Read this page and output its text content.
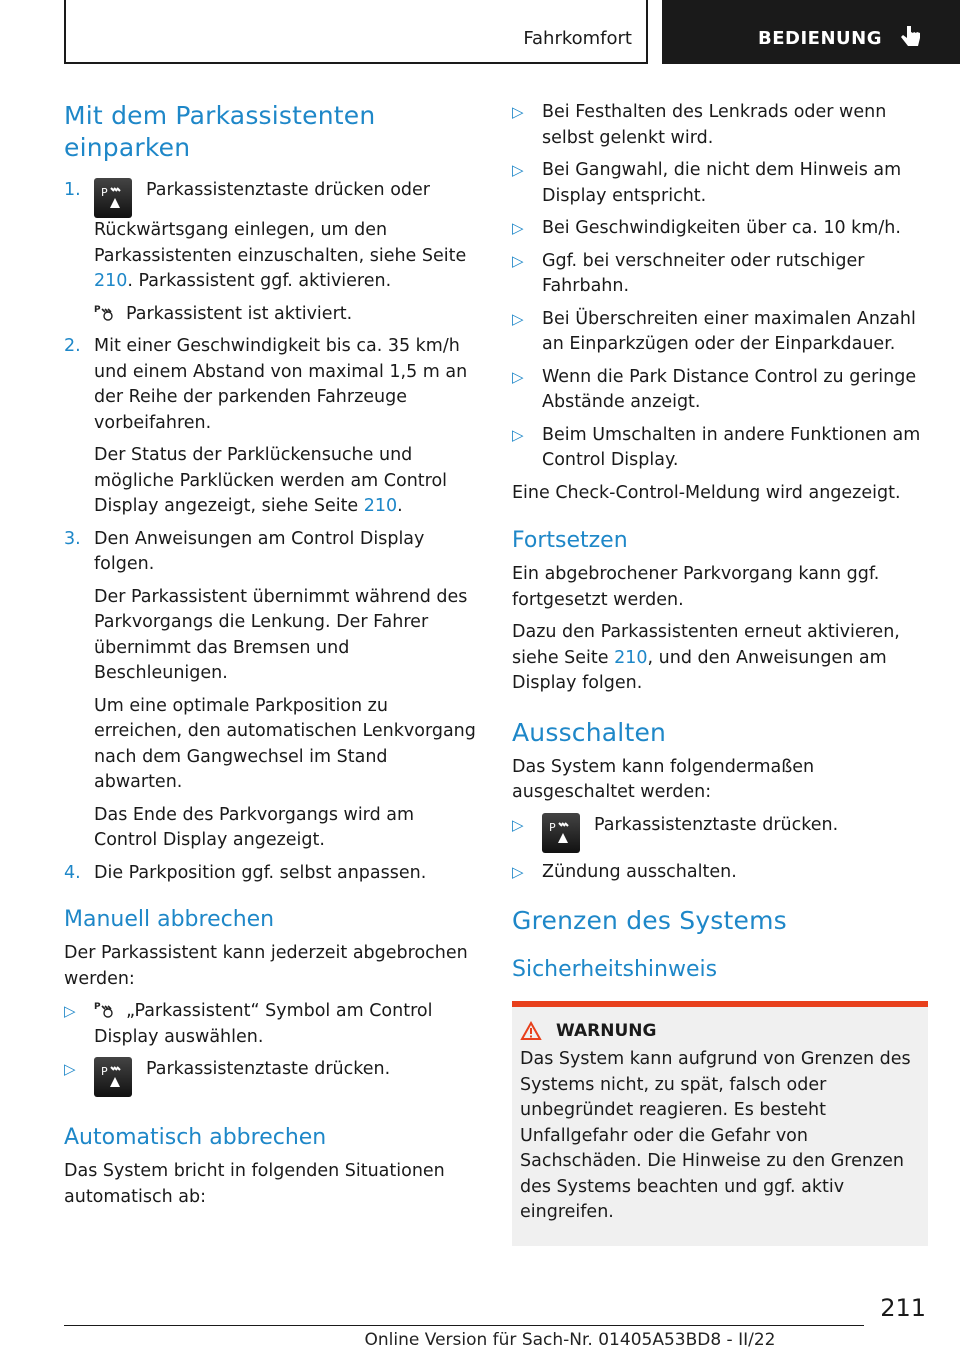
Fahrkomfort	BEDIENUNG
Mit dem Parkassistenten einparken
1. P Parkassistenztaste drücken oder Rückwärtsgang einlegen, um den Parkassistenten einzuschalten, siehe Seite 210. Parkassistent ggf. aktivieren.
P Parkassistent ist aktiviert.
2. Mit einer Geschwindigkeit bis ca. 35 km/h und einem Abstand von maximal 1,5 m an der Reihe der parkenden Fahrzeuge vorbeifahren.
Der Status der Parklückensuche und mögliche Parklücken werden am Control Display angezeigt, siehe Seite 210.
3. Den Anweisungen am Control Display folgen.
Der Parkassistent übernimmt während des Parkvorgangs die Lenkung. Der Fahrer übernimmt das Bremsen und Beschleunigen.
Um eine optimale Parkposition zu erreichen, den automatischen Lenkvorgang nach dem Gangwechsel im Stand abwarten.
Das Ende des Parkvorgangs wird am Control Display angezeigt.
4. Die Parkposition ggf. selbst anpassen.
Manuell abbrechen

Der Parkassistent kann jederzeit abgebrochen werden:

▷ P „Parkassistent“ Symbol am Control Display auswählen.
▷ P Parkassistenztaste drücken.
Automatisch abbrechen

Das System bricht in folgenden Situationen automatisch ab:

▷ Bei Festhalten des Lenkrads oder wenn selbst gelenkt wird.
▷ Bei Gangwahl, die nicht dem Hinweis am Display entspricht.
▷ Bei Geschwindigkeiten über ca. 10 km/h.
▷ Ggf. bei verschneiter oder rutschiger Fahrbahn.
▷ Bei Überschreiten einer maximalen Anzahl an Einparkzügen oder der Einparkdauer.
▷ Wenn die Park Distance Control zu geringe Abstände anzeigt.
▷ Beim Umschalten in andere Funktionen am Control Display.

Eine Check-Control-Meldung wird angezeigt.

Fortsetzen

Ein abgebrochener Parkvorgang kann ggf. fortgesetzt werden.

Dazu den Parkassistenten erneut aktivieren, siehe Seite 210, und den Anweisungen am Display folgen.

Ausschalten

Das System kann folgendermaßen ausgeschaltet werden:

▷ P Parkassistenztaste drücken.
▷ Zündung ausschalten.
Grenzen des Systems
Sicherheitshinweis
WARNUNG

Das System kann aufgrund von Grenzen des Systems nicht, zu spät, falsch oder unbegründet reagieren. Es besteht Unfallgefahr oder die Gefahr von Sachschäden. Die Hinweise zu den Grenzen des Systems beachten und ggf. aktiv eingreifen.

211
Online Version für Sach-Nr. 01405A53BD8 - II/22
